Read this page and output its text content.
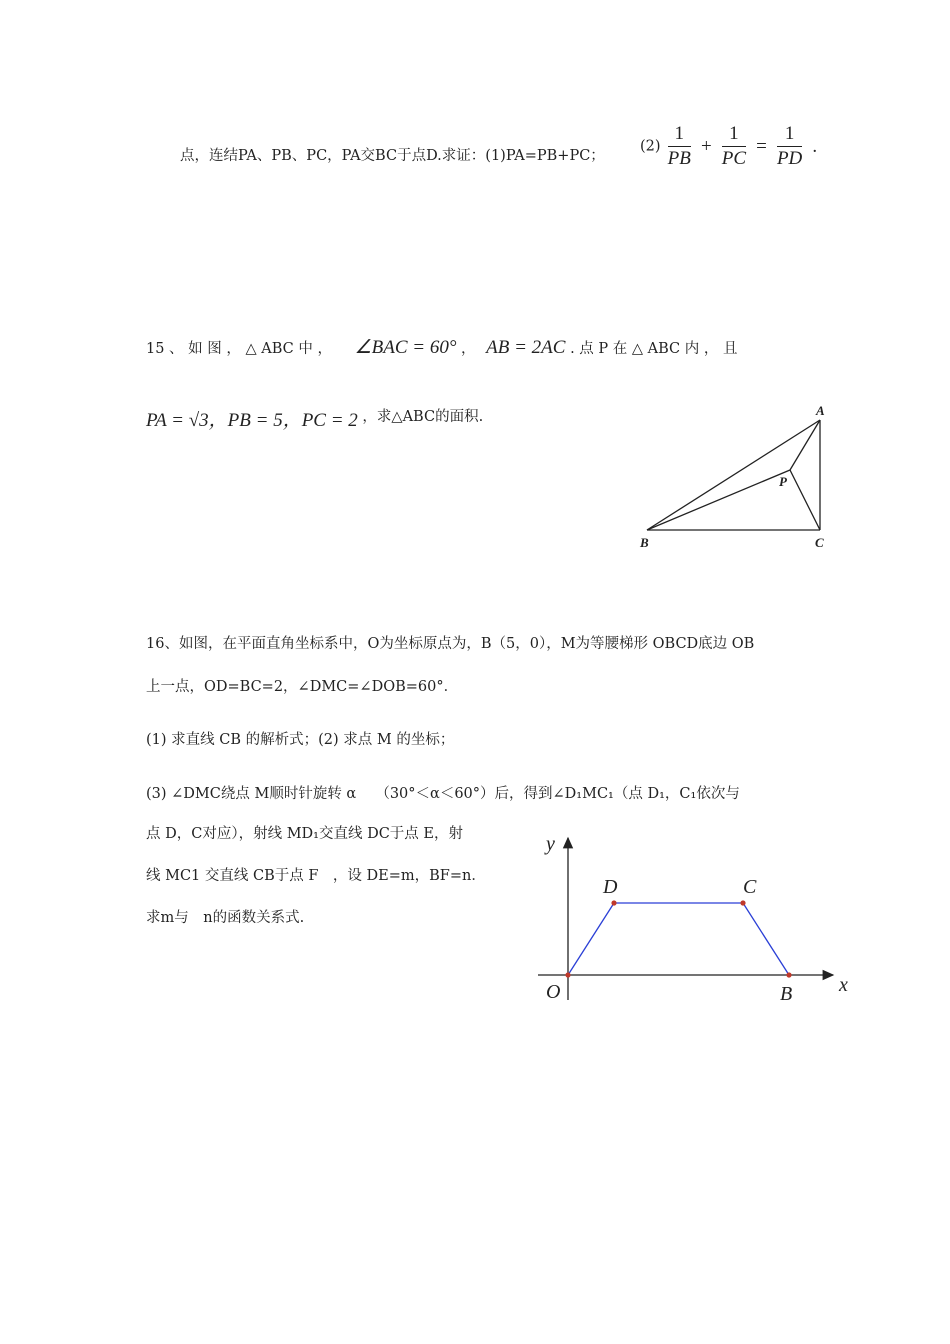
点，连结PA、PB、PC，PA交BC于点D.求证：(1)PA=PB+PC；
$(2) \frac{1}{PB} + \frac{1}{PC} = \frac{1}{PD}$ .
15 、 如 图 ， △ ABC 中 ， ∠BAC = 60° ， AB = 2AC . 点 P 在 △ ABC 内 ， 且
PA = √3，PB = 5，PC = 2 ，求△ABC的面积.	A
B	C
P
16、如图，在平面直角坐标系中，O为坐标原点为，B（5，0），M为等腰梯形 OBCD底边 OB
上一点，OD=BC=2，∠DMC=∠DOB=60°．
(1) 求直线 CB 的解析式；(2) 求点 M 的坐标；
(3) ∠DMC绕点 M顺时针旋转 α　 （30°＜α＜60°）后，得到∠D₁MC₁（点 D₁，C₁依次与
点 D，C对应），射线 MD₁交直线 DC于点 E，射
线 MC1 交直线 CB于点 F　，设 DE=m，BF=n．
求m与　n的函数关系式.
y
x
O
D	C
B
